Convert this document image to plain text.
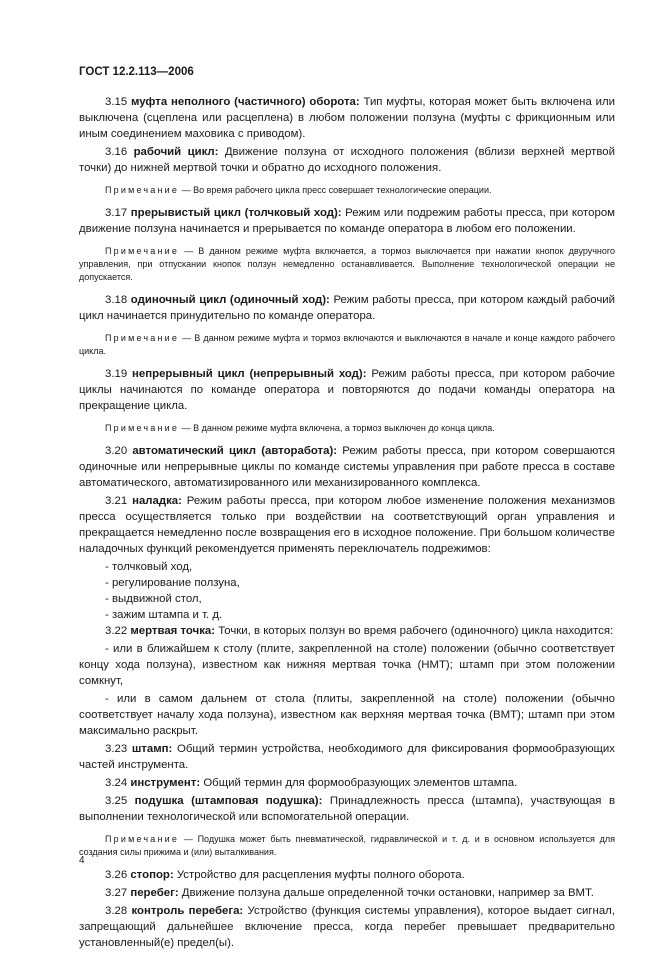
ГОСТ 12.2.113—2006

3.15 муфта неполного (частичного) оборота: Тип муфты, которая может быть включена или выключена (сцеплена или расцеплена) в любом положении ползуна (муфты с фрикционным или иным соединением маховика с приводом).

3.16 рабочий цикл: Движение ползуна от исходного положения (вблизи верхней мертвой точки) до нижней мертвой точки и обратно до исходного положения.

Примечание — Во время рабочего цикла пресс совершает технологические операции.

3.17 прерывистый цикл (толчковый ход): Режим или подрежим работы пресса, при котором движение ползуна начинается и прерывается по команде оператора в любом его положении.

Примечание — В данном режиме муфта включается, а тормоз выключается при нажатии кнопок двуручного управления, при отпускании кнопок ползун немедленно останавливается. Выполнение технологической операции не допускается.

3.18 одиночный цикл (одиночный ход): Режим работы пресса, при котором каждый рабочий цикл начинается принудительно по команде оператора.

Примечание — В данном режиме муфта и тормоз включаются и выключаются в начале и конце каждого рабочего цикла.

3.19 непрерывный цикл (непрерывный ход): Режим работы пресса, при котором рабочие циклы начинаются по команде оператора и повторяются до подачи команды оператора на прекращение цикла.

Примечание — В данном режиме муфта включена, а тормоз выключен до конца цикла.

3.20 автоматический цикл (авторабота): Режим работы пресса, при котором совершаются одиночные или непрерывные циклы по команде системы управления при работе пресса в составе автоматического, автоматизированного или механизированного комплекса.

3.21 наладка: Режим работы пресса, при котором любое изменение положения механизмов пресса осуществляется только при воздействии на соответствующий орган управления и прекращается немедленно после возвращения его в исходное положение. При большом количестве наладочных функций рекомендуется применять переключатель подрежимов:

- толчковый ход,

- регулирование ползуна,

- выдвижной стол,

- зажим штампа и т. д.

3.22 мертвая точка: Точки, в которых ползун во время рабочего (одиночного) цикла находится:

- или в ближайшем к столу (плите, закрепленной на столе) положении (обычно соответствует концу хода ползуна), известном как нижняя мертвая точка (НМТ); штамп при этом положении сомкнут,

- или в самом дальнем от стола (плиты, закрепленной на столе) положении (обычно соответствует началу хода ползуна), известном как верхняя мертвая точка (ВМТ); штамп при этом максимально раскрыт.

3.23 штамп: Общий термин устройства, необходимого для фиксирования формообразующих частей инструмента.

3.24 инструмент: Общий термин для формообразующих элементов штампа.

3.25 подушка (штамповая подушка): Принадлежность пресса (штампа), участвующая в выполнении технологической или вспомогательной операции.

Примечание — Подушка может быть пневматической, гидравлической и т. д. и в основном используется для создания силы прижима и (или) выталкивания.

3.26 стопор: Устройство для расцепления муфты полного оборота.

3.27 перебег: Движение ползуна дальше определенной точки остановки, например за ВМТ.

3.28 контроль перебега: Устройство (функция системы управления), которое выдает сигнал, запрещающий дальнейшее включение пресса, когда перебег превышает предварительно установленный(е) предел(ы).

4
